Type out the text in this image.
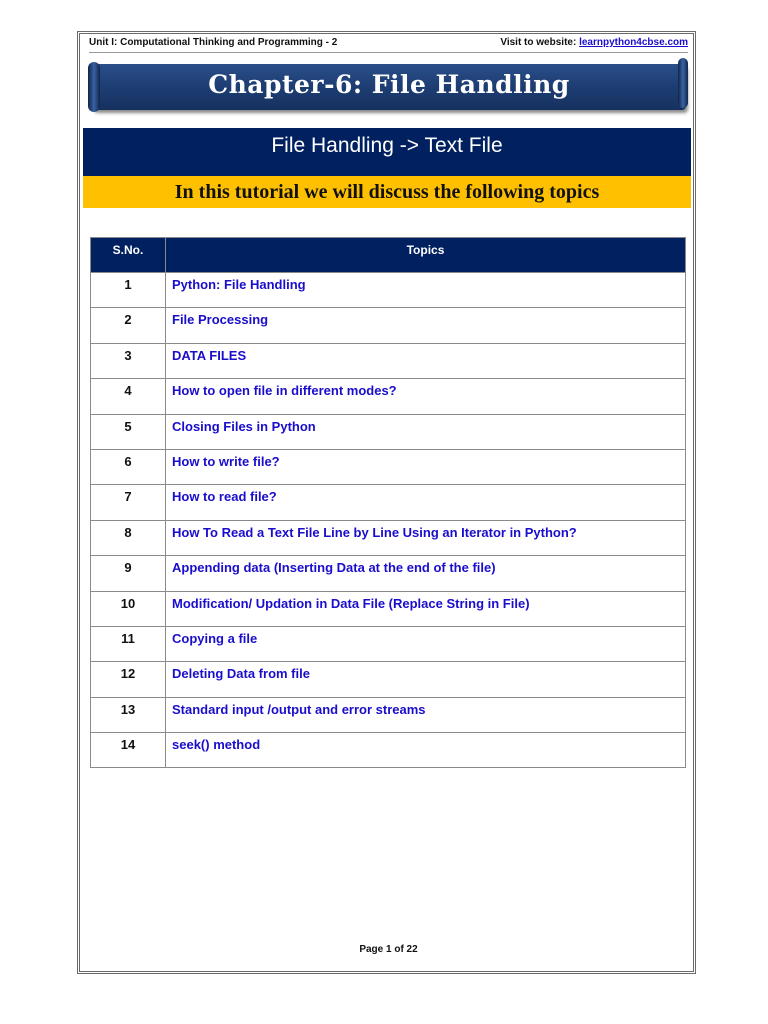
Unit I: Computational Thinking and Programming - 2	Visit to website: learnpython4cbse.com
Chapter-6: File Handling
File Handling -> Text File
In this tutorial we will discuss the following topics
S.No.	Topics
1	Python: File Handling
2	File Processing
3	DATA FILES
4	How to open file in different modes?
5	Closing Files in Python
6	How to write file?
7	How to read file?
8	How To Read a Text File Line by Line Using an Iterator in Python?
9	Appending data (Inserting Data at the end of the file)
10	Modification/ Updation in Data File (Replace String in File)
11	Copying a file
12	Deleting Data from file
13	Standard input /output and error streams
14	seek() method
Page 1 of 22
